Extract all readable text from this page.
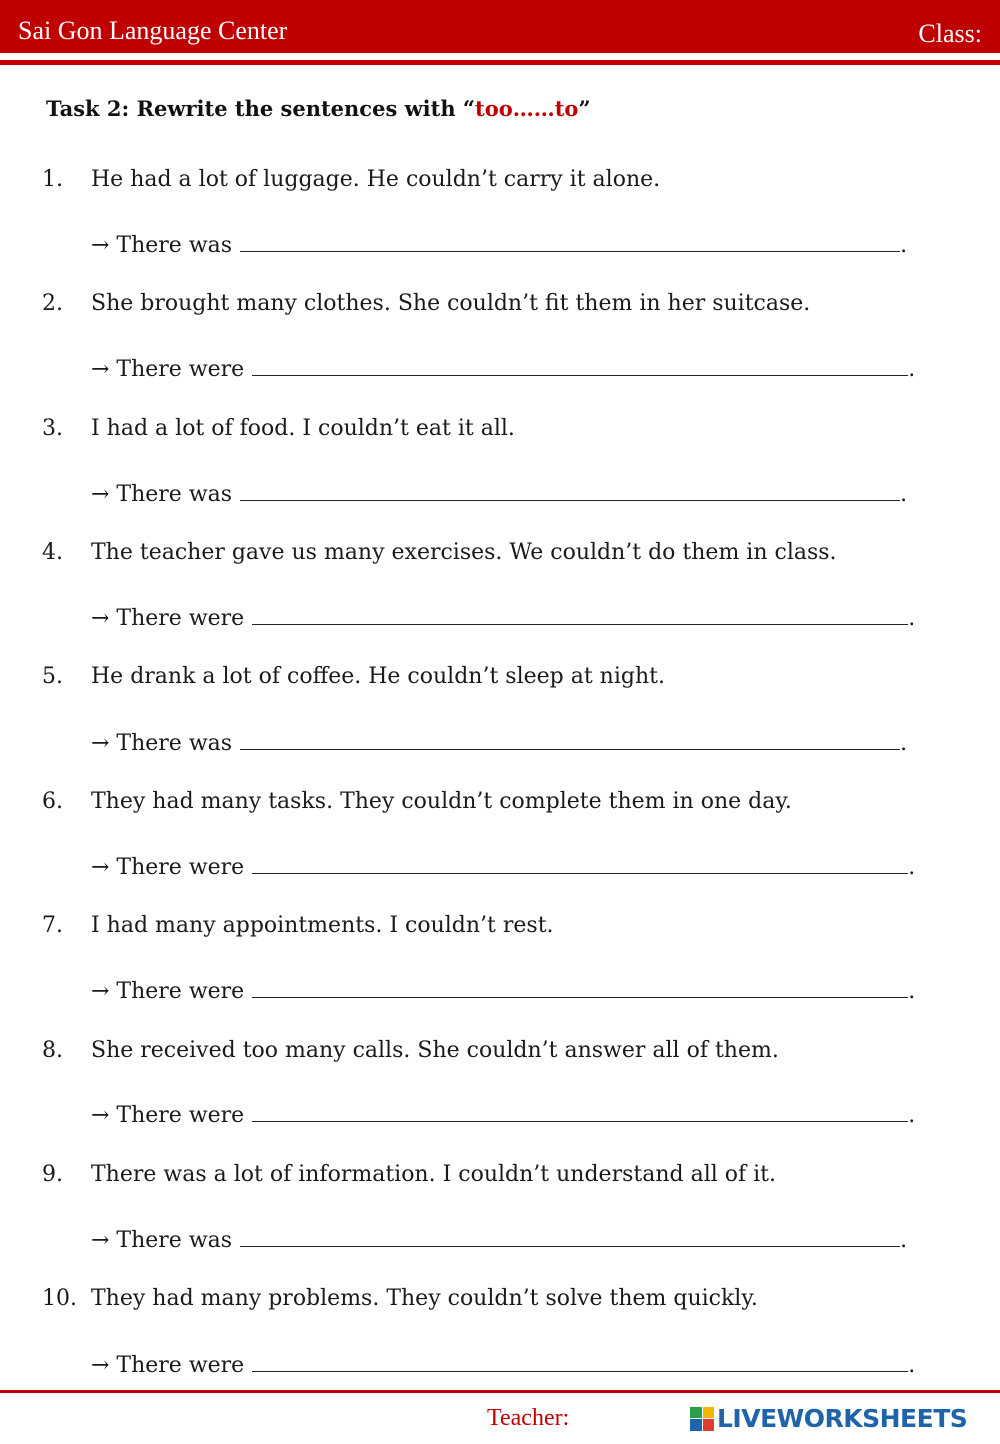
Sai Gon Language Center	Class:
Task 2: Rewrite the sentences with “too……to”
1. He had a lot of luggage. He couldn’t carry it alone.
→ There was	.
2. She brought many clothes. She couldn’t fit them in her suitcase.
→ There were	.
3. I had a lot of food. I couldn’t eat it all.
→ There was	.
4. The teacher gave us many exercises. We couldn’t do them in class.
→ There were	.
5. He drank a lot of coffee. He couldn’t sleep at night.
→ There was	.
6. They had many tasks. They couldn’t complete them in one day.
→ There were	.
7. I had many appointments. I couldn’t rest.
→ There were	.
8. She received too many calls. She couldn’t answer all of them.
→ There were	.
9. There was a lot of information. I couldn’t understand all of it.
→ There was	.
10. They had many problems. They couldn’t solve them quickly.
→ There were	.
Teacher:	LIVEWORKSHEETS
